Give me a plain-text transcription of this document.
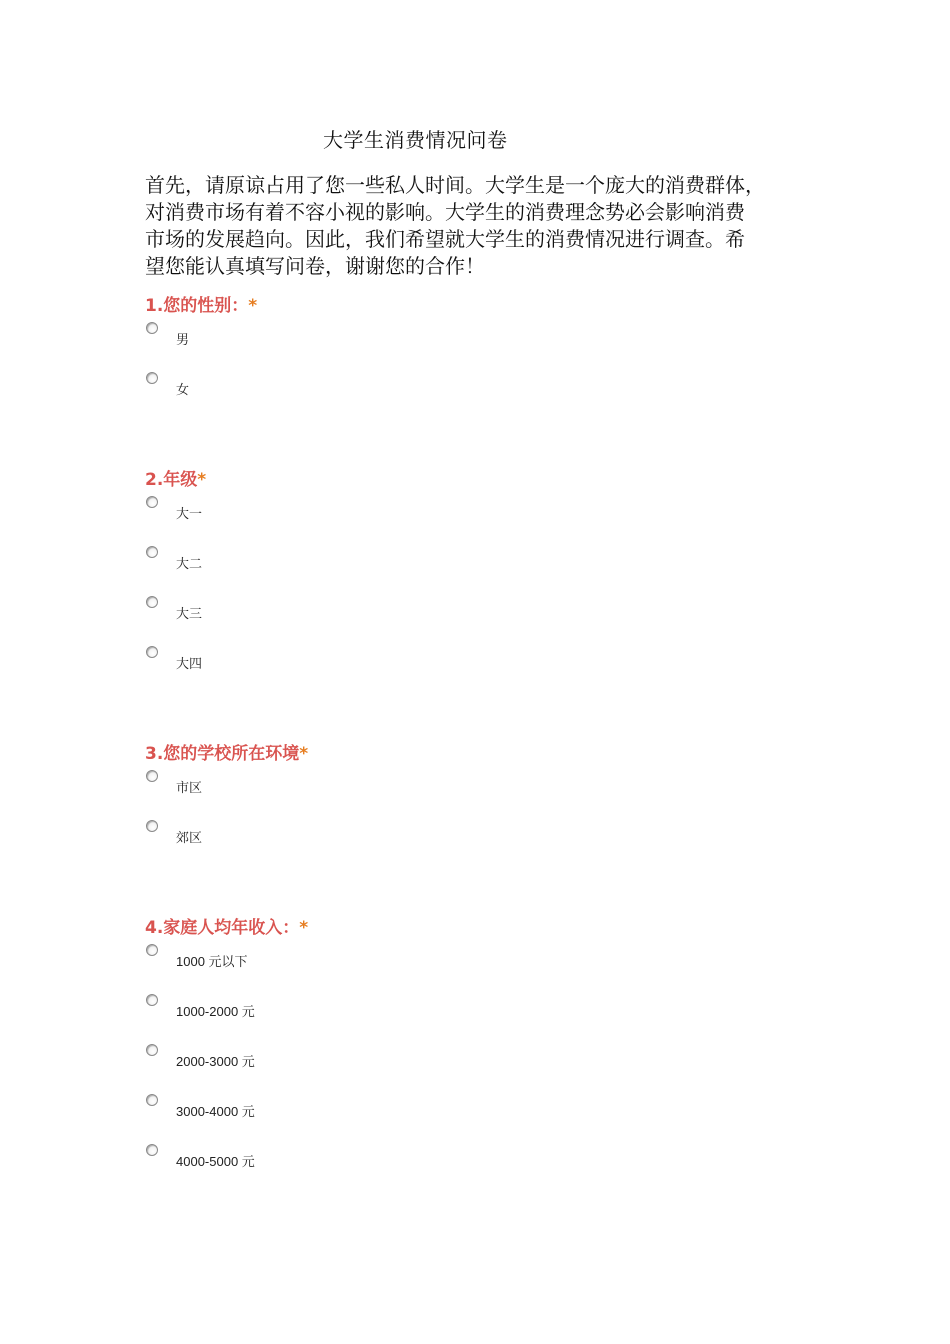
大学生消费情况问卷
首先，请原谅占用了您一些私人时间。大学生是一个庞大的消费群体，
对消费市场有着不容小视的影响。大学生的消费理念势必会影响消费
市场的发展趋向。因此，我们希望就大学生的消费情况进行调查。希
望您能认真填写问卷，谢谢您的合作！
1.您的性别：*
男
女
2.年级*
大一
大二
大三
大四
3.您的学校所在环境*
市区
郊区
4.家庭人均年收入：*
1000 元以下
1000-2000 元
2000-3000 元
3000-4000 元
4000-5000 元
